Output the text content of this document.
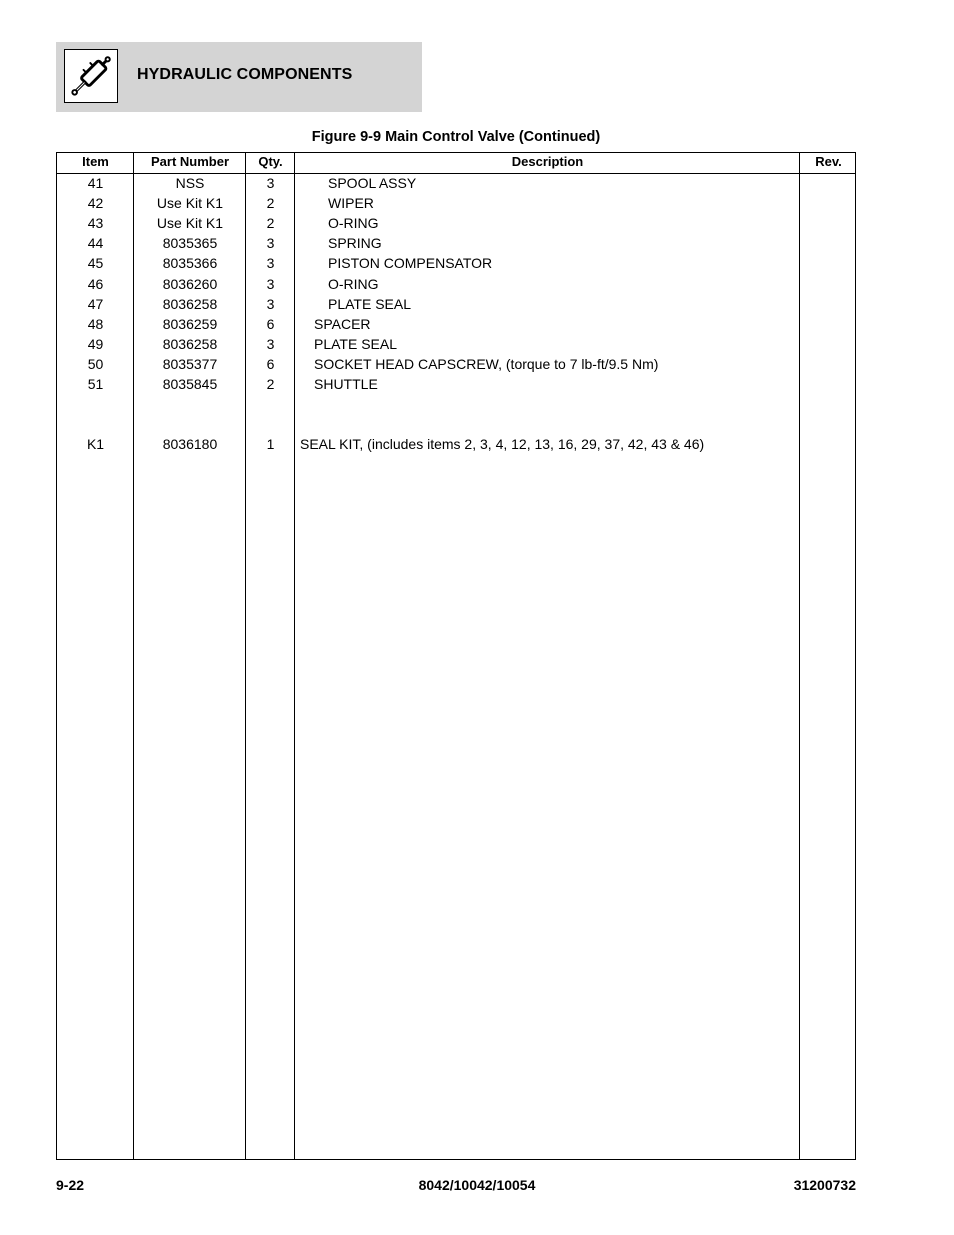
HYDRAULIC COMPONENTS
Figure 9-9 Main Control Valve (Continued)
Item	Part Number	Qty.	Description	Rev.
41	NSS	3	SPOOL ASSY
42	Use Kit K1	2	WIPER
43	Use Kit K1	2	O-RING
44	8035365	3	SPRING
45	8035366	3	PISTON COMPENSATOR
46	8036260	3	O-RING
47	8036258	3	PLATE SEAL
48	8036259	6	SPACER
49	8036258	3	PLATE SEAL
50	8035377	6	SOCKET HEAD CAPSCREW, (torque to 7 lb-ft/9.5 Nm)
51	8035845	2	SHUTTLE
K1	8036180	1	SEAL KIT, (includes items 2, 3, 4, 12, 13, 16, 29, 37, 42, 43 & 46)
9-22	8042/10042/10054	31200732
